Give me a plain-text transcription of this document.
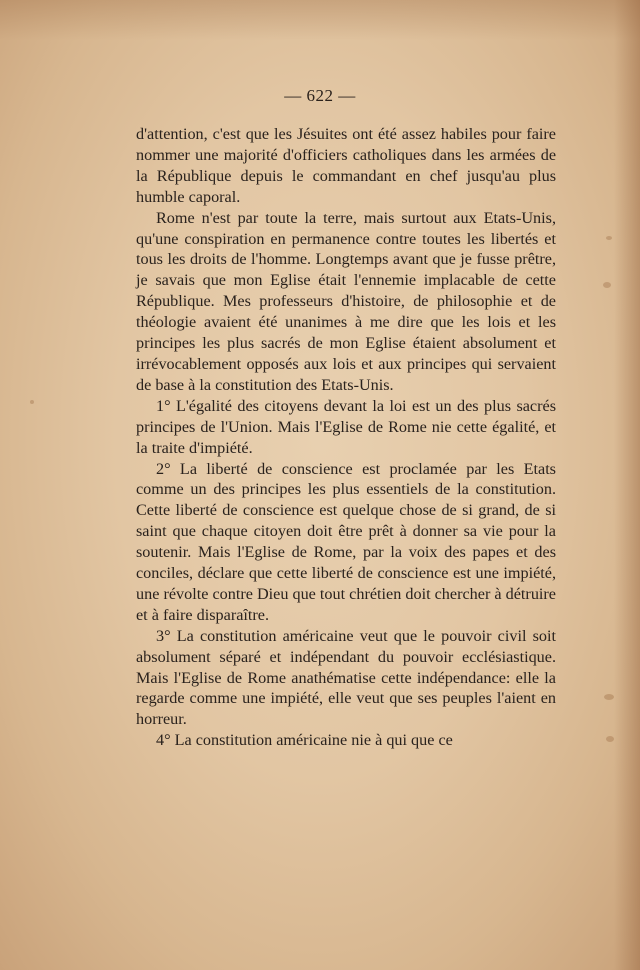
— 622 —

d'attention, c'est que les Jésuites ont été assez habiles pour faire nommer une majorité d'officiers catholiques dans les armées de la République depuis le commandant en chef jusqu'au plus humble caporal.

Rome n'est par toute la terre, mais surtout aux Etats-Unis, qu'une conspiration en permanence contre toutes les libertés et tous les droits de l'homme. Longtemps avant que je fusse prêtre, je savais que mon Eglise était l'ennemie implacable de cette République. Mes professeurs d'histoire, de philosophie et de théologie avaient été unanimes à me dire que les lois et les principes les plus sacrés de mon Eglise étaient absolument et irrévocablement opposés aux lois et aux principes qui servaient de base à la constitution des Etats-Unis.

1° L'égalité des citoyens devant la loi est un des plus sacrés principes de l'Union. Mais l'Eglise de Rome nie cette égalité, et la traite d'impiété.

2° La liberté de conscience est proclamée par les Etats comme un des principes les plus essentiels de la constitution. Cette liberté de conscience est quelque chose de si grand, de si saint que chaque citoyen doit être prêt à donner sa vie pour la soutenir. Mais l'Eglise de Rome, par la voix des papes et des conciles, déclare que cette liberté de conscience est une impiété, une révolte contre Dieu que tout chrétien doit chercher à détruire et à faire disparaître.

3° La constitution américaine veut que le pouvoir civil soit absolument séparé et indépendant du pouvoir ecclésiastique. Mais l'Eglise de Rome anathématise cette indépendance: elle la regarde comme une impiété, elle veut que ses peuples l'aient en horreur.

4° La constitution américaine nie à qui que ce
